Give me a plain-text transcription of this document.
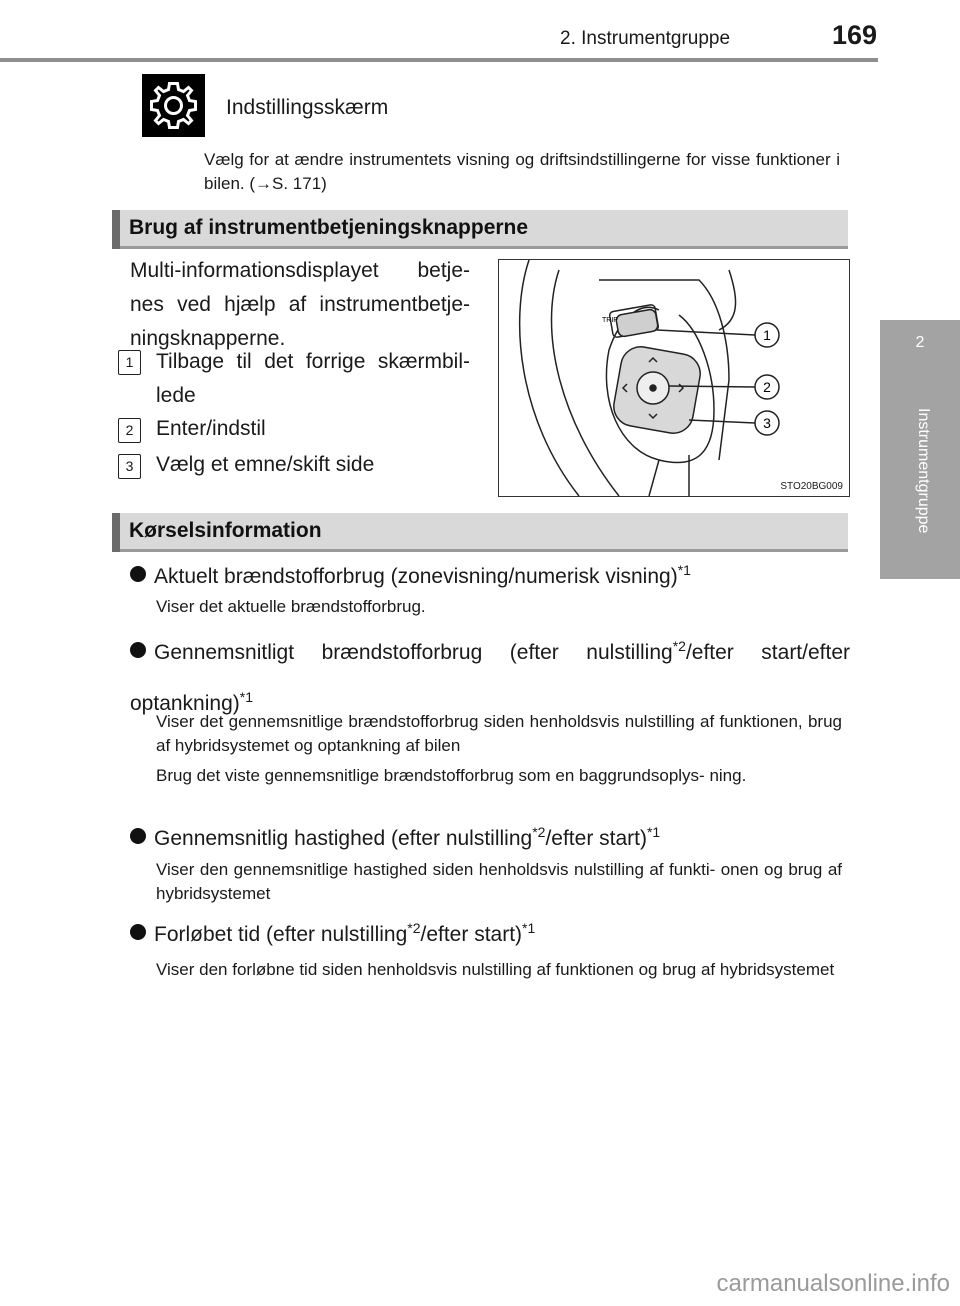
2. Instrumentgruppe	169
2
Instrumentgruppe
Indstillingsskærm
Vælg for at ændre instrumentets visning og driftsindstillingerne for visse funktioner i bilen. (→S. 171)
Brug af instrumentbetjeningsknapperne
Multi-informationsdisplayet betje- nes ved hjælp af instrumentbetje- ningsknapperne.
1	Tilbage til det forrige skærmbil- lede
2	Enter/indstil
3	Vælg et emne/skift side
TRIP
1
2
3
STO20BG009
Kørselsinformation
Aktuelt brændstofforbrug (zonevisning/numerisk visning)$^{*1}$
Viser det aktuelle brændstofforbrug.
Gennemsnitligt brændstofforbrug (efter nulstilling$^{*2}$/efter start/efter optankning)$^{*1}$
Viser det gennemsnitlige brændstofforbrug siden henholdsvis nulstilling af funktionen, brug af hybridsystemet og optankning af bilen
Brug det viste gennemsnitlige brændstofforbrug som en baggrundsoplys- ning.
Gennemsnitlig hastighed (efter nulstilling$^{*2}$/efter start)$^{*1}$
Viser den gennemsnitlige hastighed siden henholdsvis nulstilling af funkti- onen og brug af hybridsystemet
Forløbet tid (efter nulstilling$^{*2}$/efter start)$^{*1}$
Viser den forløbne tid siden henholdsvis nulstilling af funktionen og brug af hybridsystemet
carmanualsonline.info
